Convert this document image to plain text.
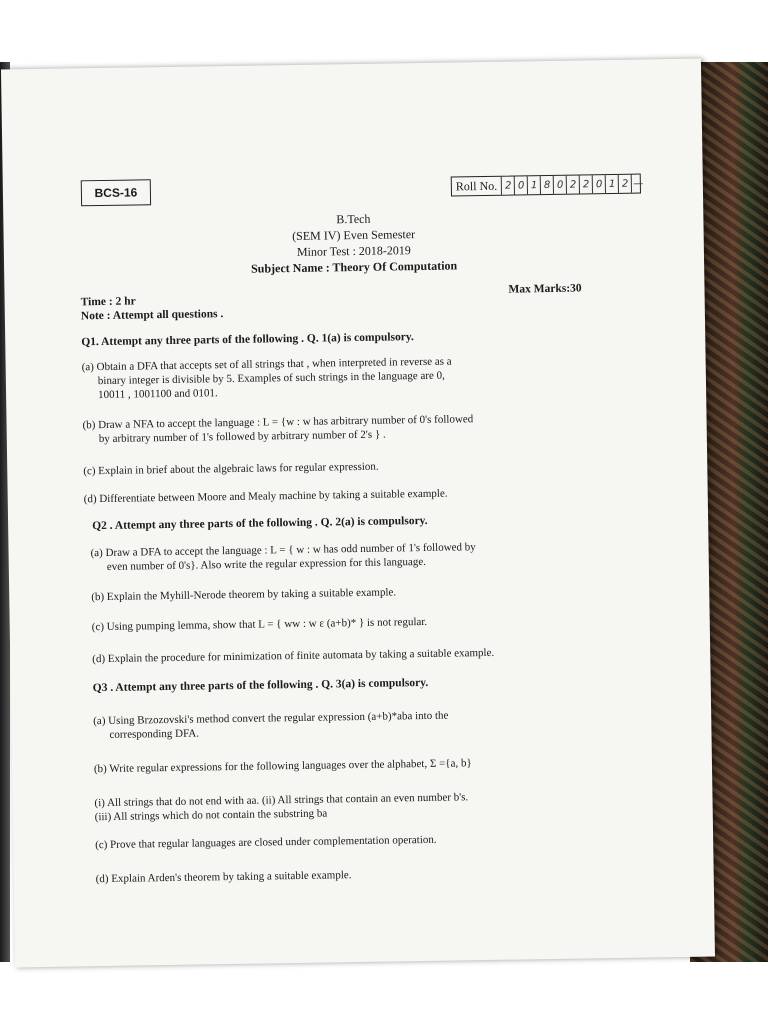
BCS-16	Roll No. 2 0 1 8 0 2 2 0 1 2 —
B.Tech
(SEM IV) Even Semester
Minor Test : 2018-2019
Subject Name : Theory Of Computation
Time : 2 hr
Max Marks:30
Note : Attempt all questions .
Q1. Attempt any three parts of the following . Q. 1(a) is compulsory.
(a) Obtain a DFA that accepts set of all strings that , when interpreted in reverse as a
binary integer is divisible by 5. Examples of such strings in the language are 0,
10011 , 1001100 and 0101.
(b) Draw a NFA to accept the language : L = {w : w has arbitrary number of 0's followed
by arbitrary number of 1's followed by arbitrary number of 2's } .
(c) Explain in brief about the algebraic laws for regular expression.
(d) Differentiate between Moore and Mealy machine by taking a suitable example.
Q2 . Attempt any three parts of the following . Q. 2(a) is compulsory.
(a) Draw a DFA to accept the language : L = { w : w has odd number of 1's followed by
even number of 0's}. Also write the regular expression for this language.
(b) Explain the Myhill-Nerode theorem by taking a suitable example.
(c) Using pumping lemma, show that L = { ww : w ε (a+b)* } is not regular.
(d) Explain the procedure for minimization of finite automata by taking a suitable example.
Q3 . Attempt any three parts of the following . Q. 3(a) is compulsory.
(a) Using Brzozovski's method convert the regular expression (a+b)*aba into the
corresponding DFA.
(b) Write regular expressions for the following languages over the alphabet, Σ ={a, b}
(i) All strings that do not end with aa. (ii) All strings that contain an even number b's.
(iii) All strings which do not contain the substring ba
(c) Prove that regular languages are closed under complementation operation.
(d) Explain Arden's theorem by taking a suitable example.
